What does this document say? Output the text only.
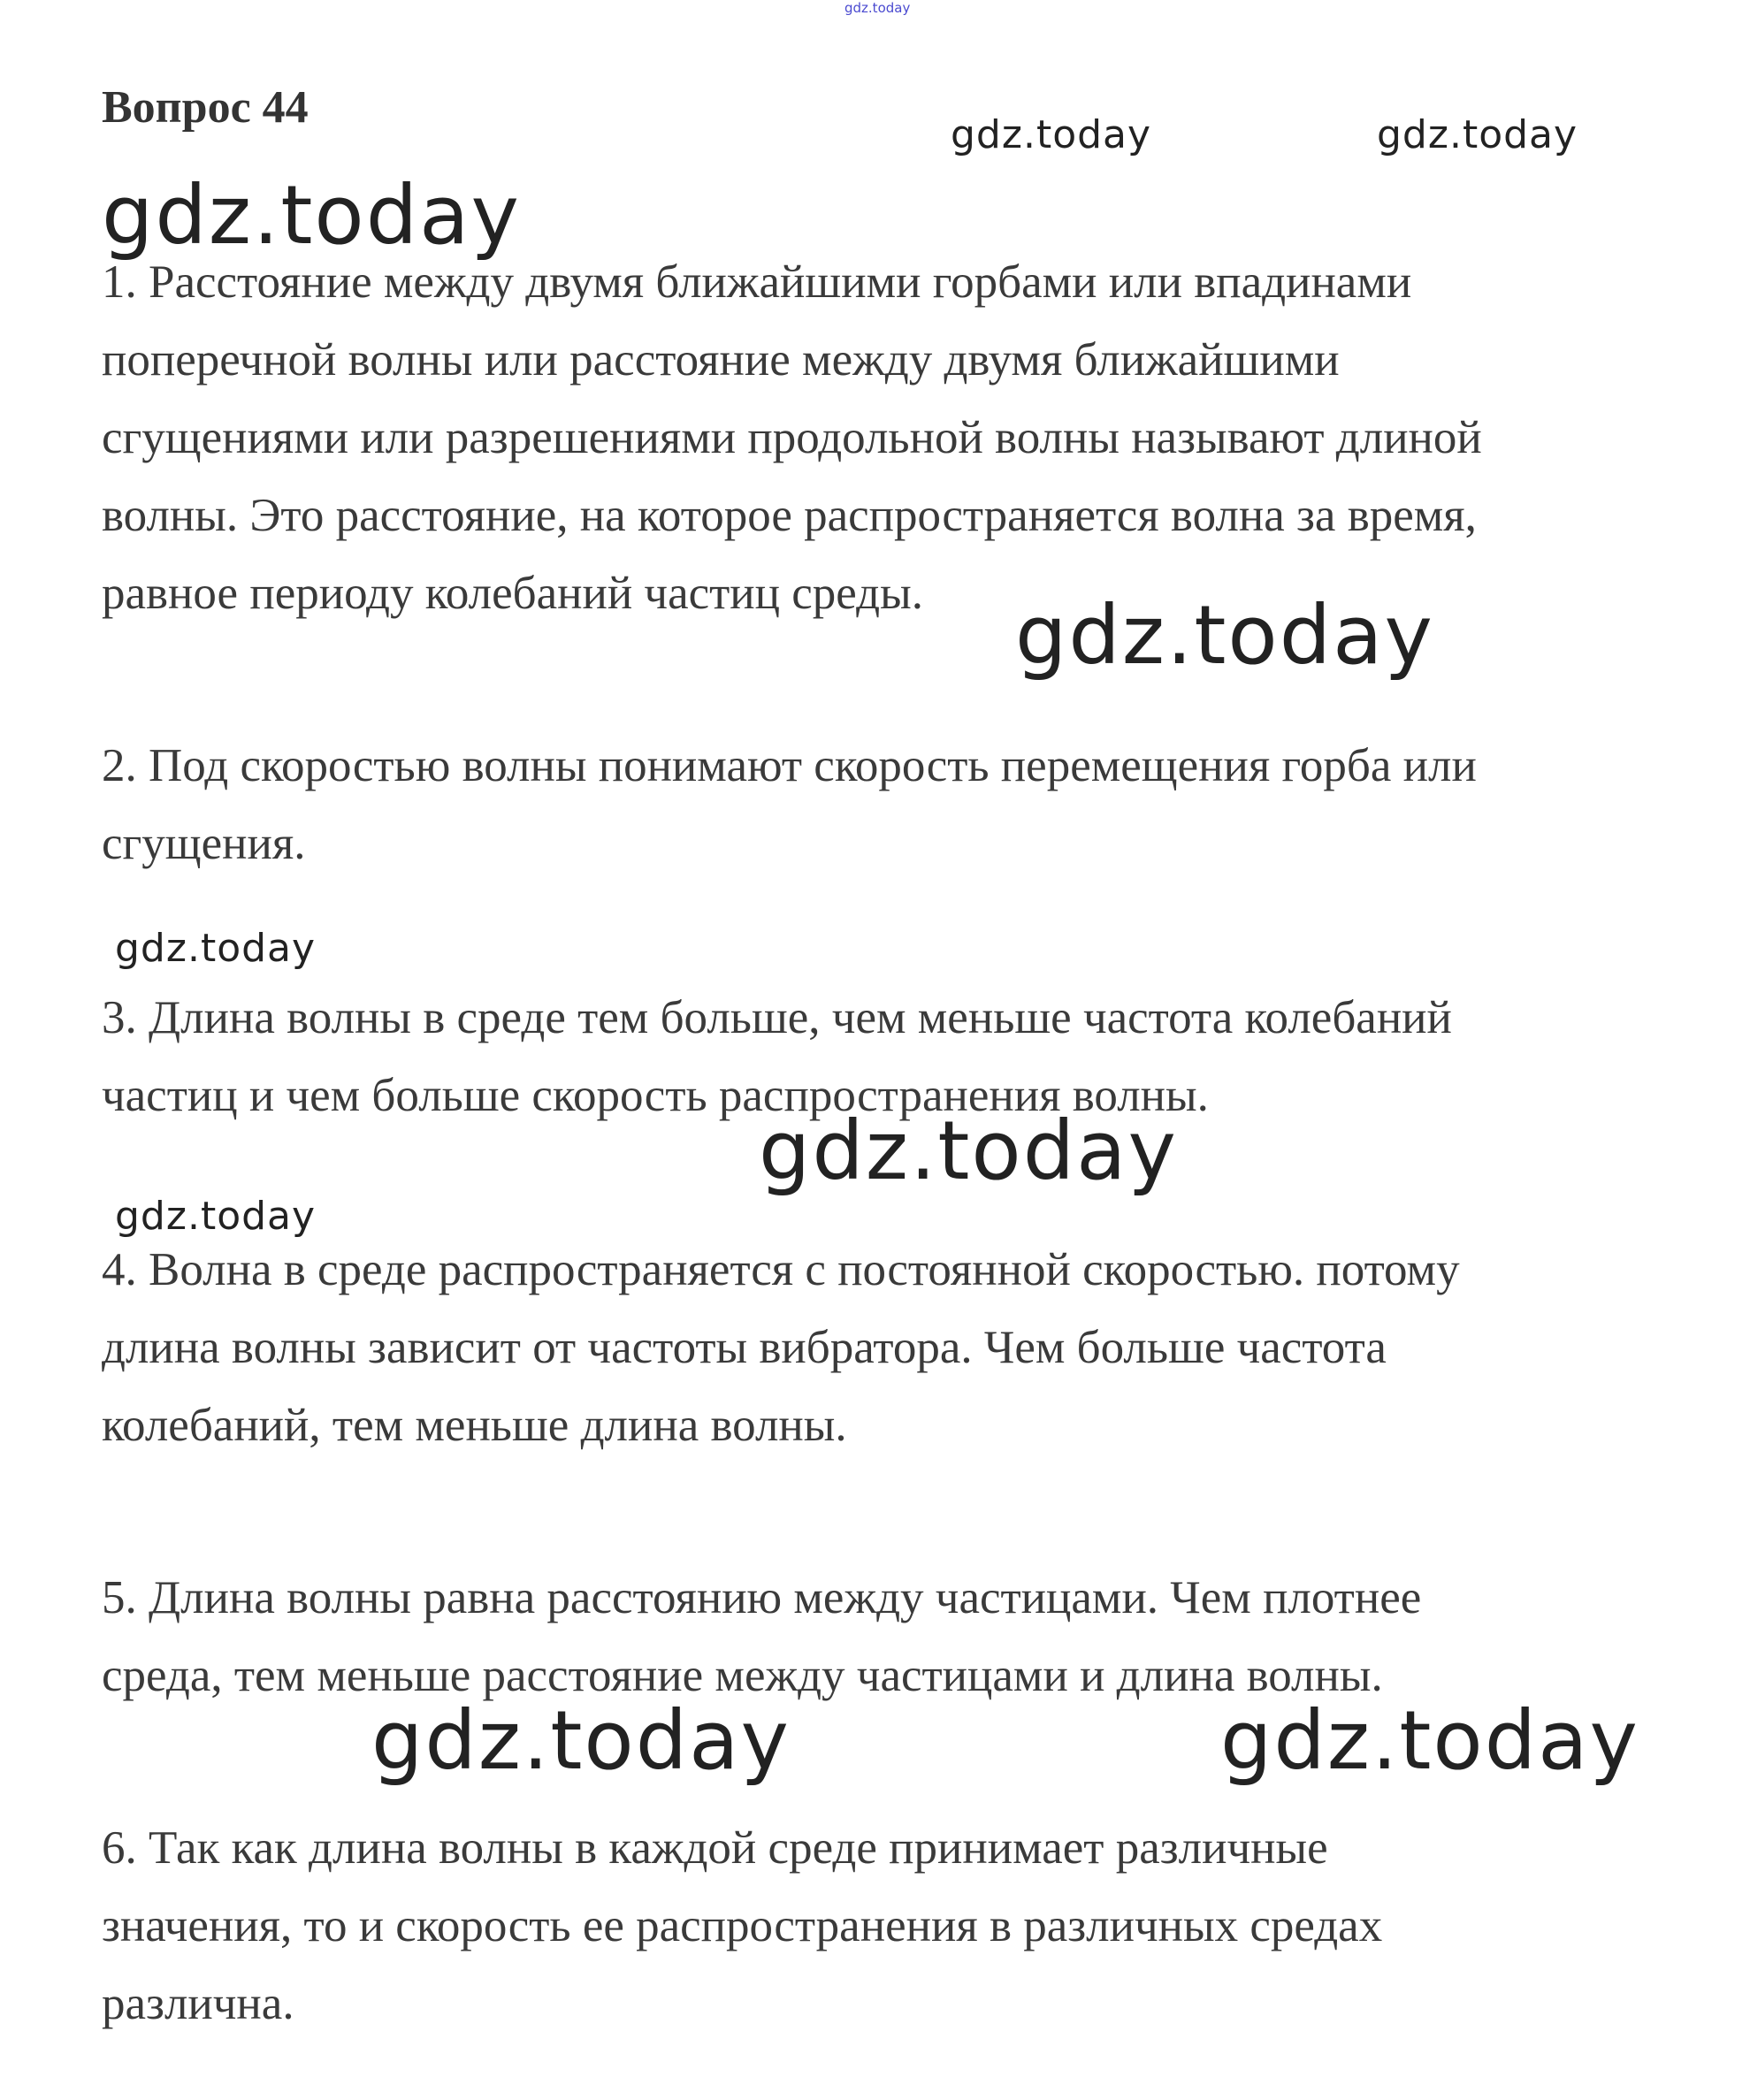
gdz.today
Вопрос 44
gdz.today	gdz.today
gdz.today

1. Расстояние между двумя ближайшими горбами или впадинами
поперечной волны или расстояние между двумя ближайшими
сгущениями или разрешениями продольной волны называют длиной
волны. Это расстояние, на которое распространяется волна за время,
равное периоду колебаний частиц среды.	gdz.today

2. Под скоростью волны понимают скорость перемещения горба или
сгущения.

gdz.today

3. Длина волны в среде тем больше, чем меньше частота колебаний
частиц и чем больше скорость распространения волны.

gdz.today
gdz.today

4. Волна в среде распространяется с постоянной скоростью. потому
длина волны зависит от частоты вибратора. Чем больше частота
колебаний, тем меньше длина волны.

5. Длина волны равна расстоянию между частицами. Чем плотнее
среда, тем меньше расстояние между частицами и длина волны.

gdz.today	gdz.today

6. Так как длина волны в каждой среде принимает различные
значения, то и скорость ее распространения в различных средах
различна.
